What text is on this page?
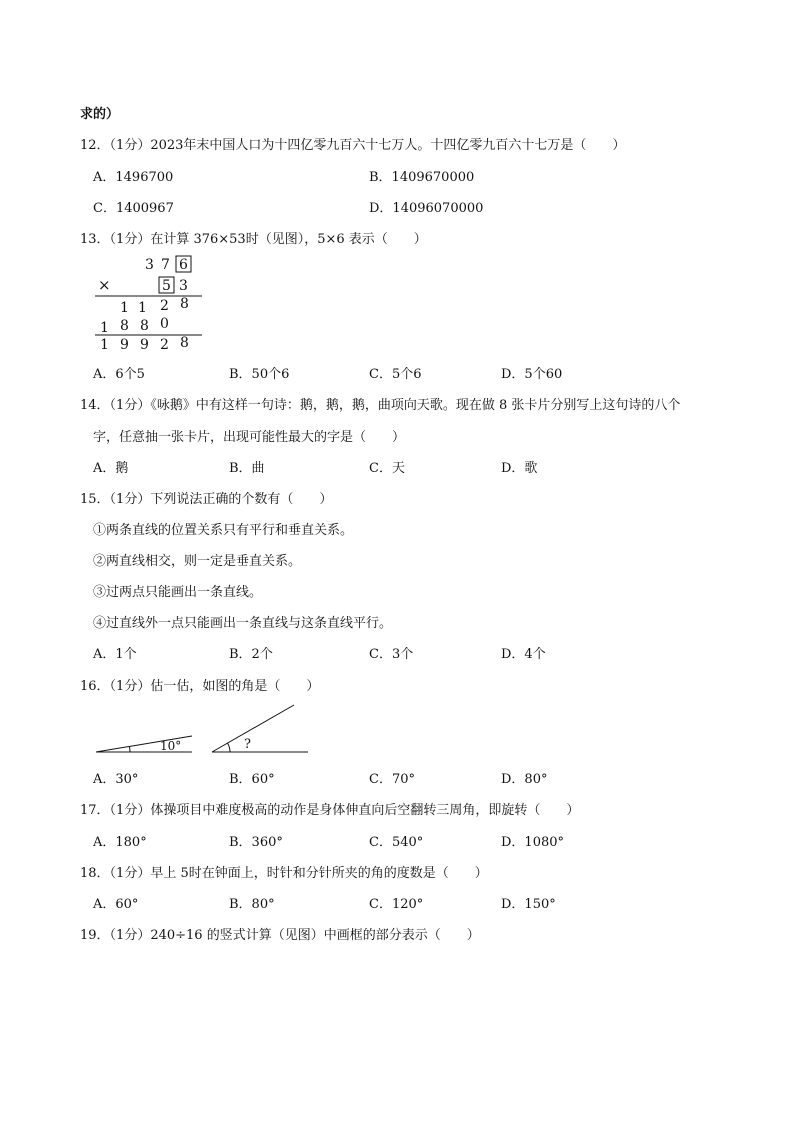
求的）
12．（1分）2023年末中国人口为十四亿零九百六十七万人。十四亿零九百六十七万是（　　）
A．1496700	B．1409670000
C．1400967	D．14096070000
13．（1分）在计算 376×53时（见图），5×6 表示（　　）
3 7 6
×	5 3
1 1 2 8
1 8 8 0
1 9 9 2 8
A．6个5	B．50个6	C．5个6	D．5个60
14．（1分）《咏鹅》中有这样一句诗：鹅，鹅，鹅，曲项向天歌。现在做 8 张卡片分别写上这句诗的八个
字，任意抽一张卡片，出现可能性最大的字是（　　）
A．鹅	B．曲	C．天	D．歌
15．（1分）下列说法正确的个数有（　　）
①两条直线的位置关系只有平行和垂直关系。
②两直线相交，则一定是垂直关系。
③过两点只能画出一条直线。
④过直线外一点只能画出一条直线与这条直线平行。
A．1个	B．2个	C．3个	D．4个
16．（1分）估一估，如图的角是（　　）
10°	?
A．30°	B．60°	C．70°	D．80°
17．（1分）体操项目中难度极高的动作是身体伸直向后空翻转三周角，即旋转（　　）
A．180°	B．360°	C．540°	D．1080°
18．（1分）早上 5时在钟面上，时针和分针所夹的角的度数是（　　）
A．60°	B．80°	C．120°	D．150°
19．（1分）240÷16 的竖式计算（见图）中画框的部分表示（　　）
